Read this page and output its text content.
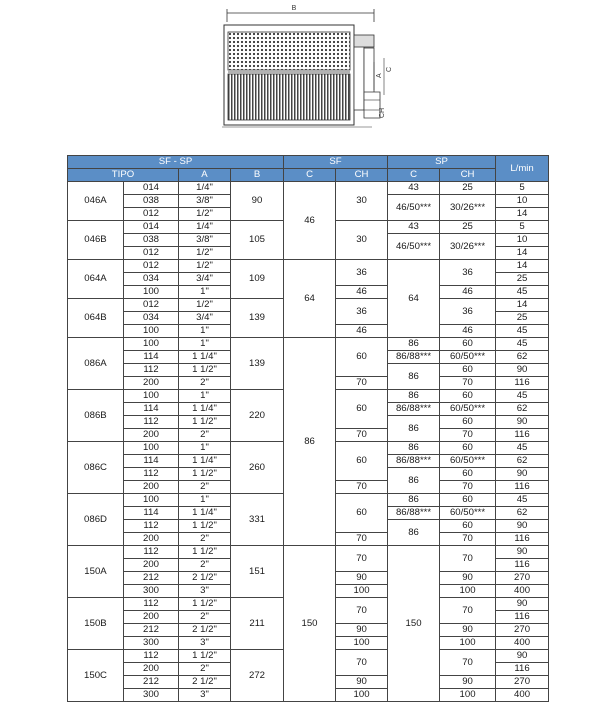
B
A
C
CH
SF - SP				SF		SP		L/min
TIPO		A	B	C	CH	C	CH	
046A	014	1/4"	90	46	30	43	25	5
	038	3/8"				46/50***	30/26***	10
	012	1/2"						14
046B	014	1/4"	105		30	43	25	5
	038	3/8"				46/50***	30/26***	10
	012	1/2"						14
064A	012	1/2"	109	64	36	64	36	14
	034	3/4"						25
	100	1"			46		46	45
064B	012	1/2"	139		36		36	14
	034	3/4"						25
	100	1"			46		46	45
086A	100	1"	139	86	60	86	60	45
	114	1 1/4"				86/88***	60/50***	62
	112	1 1/2"				86	60	90
	200	2"			70		70	116
086B	100	1"	220		60	86	60	45
	114	1 1/4"				86/88***	60/50***	62
	112	1 1/2"				86	60	90
	200	2"			70		70	116
086C	100	1"	260		60	86	60	45
	114	1 1/4"				86/88***	60/50***	62
	112	1 1/2"				86	60	90
	200	2"			70		70	116
086D	100	1"	331		60	86	60	45
	114	1 1/4"				86/88***	60/50***	62
	112	1 1/2"				86	60	90
	200	2"			70		70	116
150A	112	1 1/2"	151	150	70	150	70	90
	200	2"						116
	212	2 1/2"			90		90	270
	300	3"			100		100	400
150B	112	1 1/2"	211		70		70	90
	200	2"						116
	212	2 1/2"			90		90	270
	300	3"			100		100	400
150C	112	1 1/2"	272		70		70	90
	200	2"						116
	212	2 1/2"			90		90	270
	300	3"			100		100	400
